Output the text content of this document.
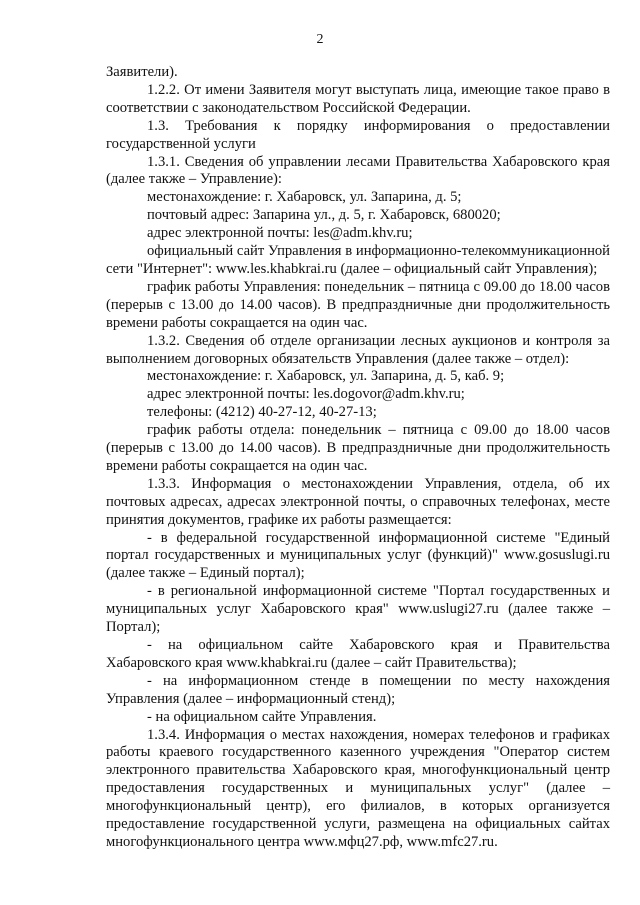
2

Заявители).

1.2.2. От имени Заявителя могут выступать лица, имеющие такое право в соответствии с законодательством Российской Федерации.

1.3. Требования к порядку информирования о предоставлении государственной услуги

1.3.1. Сведения об управлении лесами Правительства Хабаровского края (далее также – Управление):

местонахождение: г. Хабаровск, ул. Запарина, д. 5;

почтовый адрес: Запарина ул., д. 5, г. Хабаровск, 680020;

адрес электронной почты: les@adm.khv.ru;

официальный сайт Управления в информационно-телекоммуникационной сети "Интернет": www.les.khabkrai.ru (далее – официальный сайт Управления);

график работы Управления: понедельник – пятница с 09.00 до 18.00 часов (перерыв с 13.00 до 14.00 часов). В предпраздничные дни продолжительность времени работы сокращается на один час.

1.3.2. Сведения об отделе организации лесных аукционов и контроля за выполнением договорных обязательств Управления (далее также – отдел):

местонахождение: г. Хабаровск, ул. Запарина, д. 5, каб. 9;

адрес электронной почты: les.dogovor@adm.khv.ru;

телефоны: (4212) 40-27-12, 40-27-13;

график работы отдела: понедельник – пятница с 09.00 до 18.00 часов (перерыв с 13.00 до 14.00 часов). В предпраздничные дни продолжительность времени работы сокращается на один час.

1.3.3. Информация о местонахождении Управления, отдела, об их почтовых адресах, адресах электронной почты, о справочных телефонах, месте принятия документов, графике их работы размещается:

- в федеральной государственной информационной системе "Единый портал государственных и муниципальных услуг (функций)" www.gosuslugi.ru (далее также – Единый портал);

- в региональной информационной системе "Портал государственных и муниципальных услуг Хабаровского края" www.uslugi27.ru (далее также – Портал);

- на официальном сайте Хабаровского края и Правительства Хабаровского края www.khabkrai.ru (далее – сайт Правительства);

- на информационном стенде в помещении по месту нахождения Управления (далее – информационный стенд);

- на официальном сайте Управления.

1.3.4. Информация о местах нахождения, номерах телефонов и графиках работы краевого государственного казенного учреждения "Оператор систем электронного правительства Хабаровского края, многофункциональный центр предоставления государственных и муниципальных услуг" (далее – многофункциональный центр), его филиалов, в которых организуется предоставление государственной услуги, размещена на официальных сайтах многофункционального центра www.мфц27.рф, www.mfc27.ru.
